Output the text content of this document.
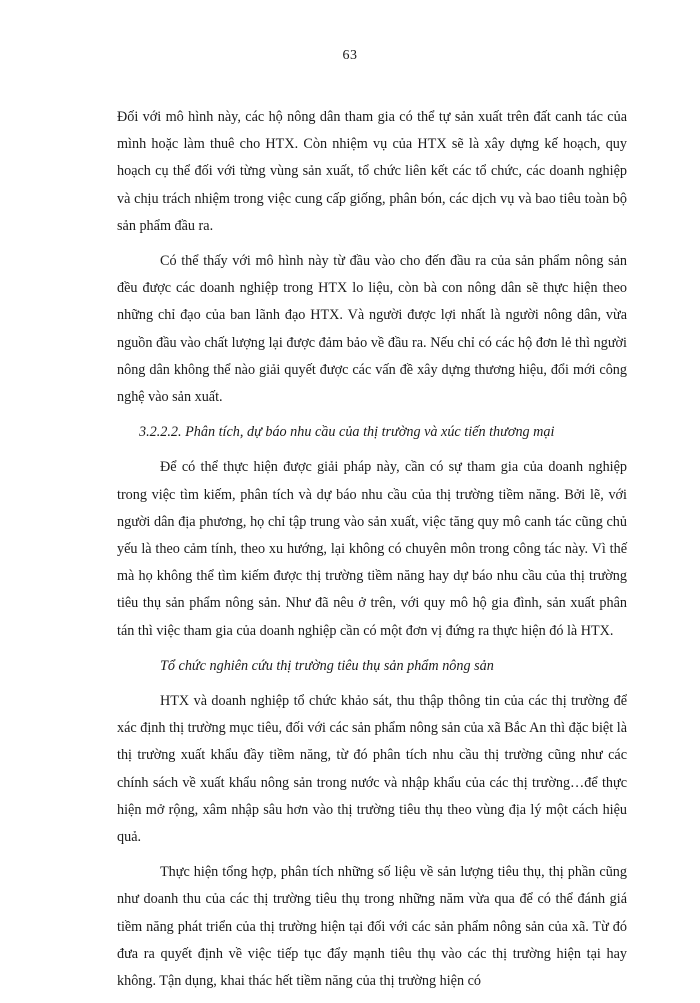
63

Đối với mô hình này, các hộ nông dân tham gia có thể tự sản xuất trên đất canh tác của mình hoặc làm thuê cho HTX. Còn nhiệm vụ của HTX sẽ là xây dựng kế hoạch, quy hoạch cụ thể đối với từng vùng sản xuất, tổ chức liên kết các tổ chức, các doanh nghiệp và chịu trách nhiệm trong việc cung cấp giống, phân bón, các dịch vụ và bao tiêu toàn bộ sản phẩm đầu ra.

Có thể thấy với mô hình này từ đầu vào cho đến đầu ra của sản phẩm nông sản đều được các doanh nghiệp trong HTX lo liệu, còn bà con nông dân sẽ thực hiện theo những chỉ đạo của ban lãnh đạo HTX. Và người được lợi nhất là người nông dân, vừa nguồn đầu vào chất lượng lại được đảm bảo về đầu ra. Nếu chỉ có các hộ đơn lẻ thì người nông dân không thể nào giải quyết được các vấn đề xây dựng thương hiệu, đổi mới công nghệ vào sản xuất.

3.2.2.2. Phân tích, dự báo nhu cầu của thị trường và xúc tiến thương mại

Để có thể thực hiện được giải pháp này, cần có sự tham gia của doanh nghiệp trong việc tìm kiếm, phân tích và dự báo nhu cầu của thị trường tiềm năng. Bởi lẽ, với người dân địa phương, họ chỉ tập trung vào sản xuất, việc tăng quy mô canh tác cũng chủ yếu là theo cảm tính, theo xu hướng, lại không có chuyên môn trong công tác này. Vì thế mà họ không thể tìm kiếm được thị trường tiềm năng hay dự báo nhu cầu của thị trường tiêu thụ sản phẩm nông sản. Như đã nêu ở trên, với quy mô hộ gia đình, sản xuất phân tán thì việc tham gia của doanh nghiệp cần có một đơn vị đứng ra thực hiện đó là HTX.

Tổ chức nghiên cứu thị trường tiêu thụ sản phẩm nông sản

HTX và doanh nghiệp tổ chức khảo sát, thu thập thông tin của các thị trường để xác định thị trường mục tiêu, đối với các sản phẩm nông sản của xã Bắc An thì đặc biệt là thị trường xuất khẩu đầy tiềm năng, từ đó phân tích nhu cầu thị trường cũng như các chính sách về xuất khẩu nông sản trong nước và nhập khẩu của các thị trường…để thực hiện mở rộng, xâm nhập sâu hơn vào thị trường tiêu thụ theo vùng địa lý một cách hiệu quả.

Thực hiện tổng hợp, phân tích những số liệu về sản lượng tiêu thụ, thị phần cũng như doanh thu của các thị trường tiêu thụ trong những năm vừa qua để có thể đánh giá tiềm năng phát triển của thị trường hiện tại đối với các sản phẩm nông sản của xã. Từ đó đưa ra quyết định về việc tiếp tục đẩy mạnh tiêu thụ vào các thị trường hiện tại hay không. Tận dụng, khai thác hết tiềm năng của thị trường hiện có
